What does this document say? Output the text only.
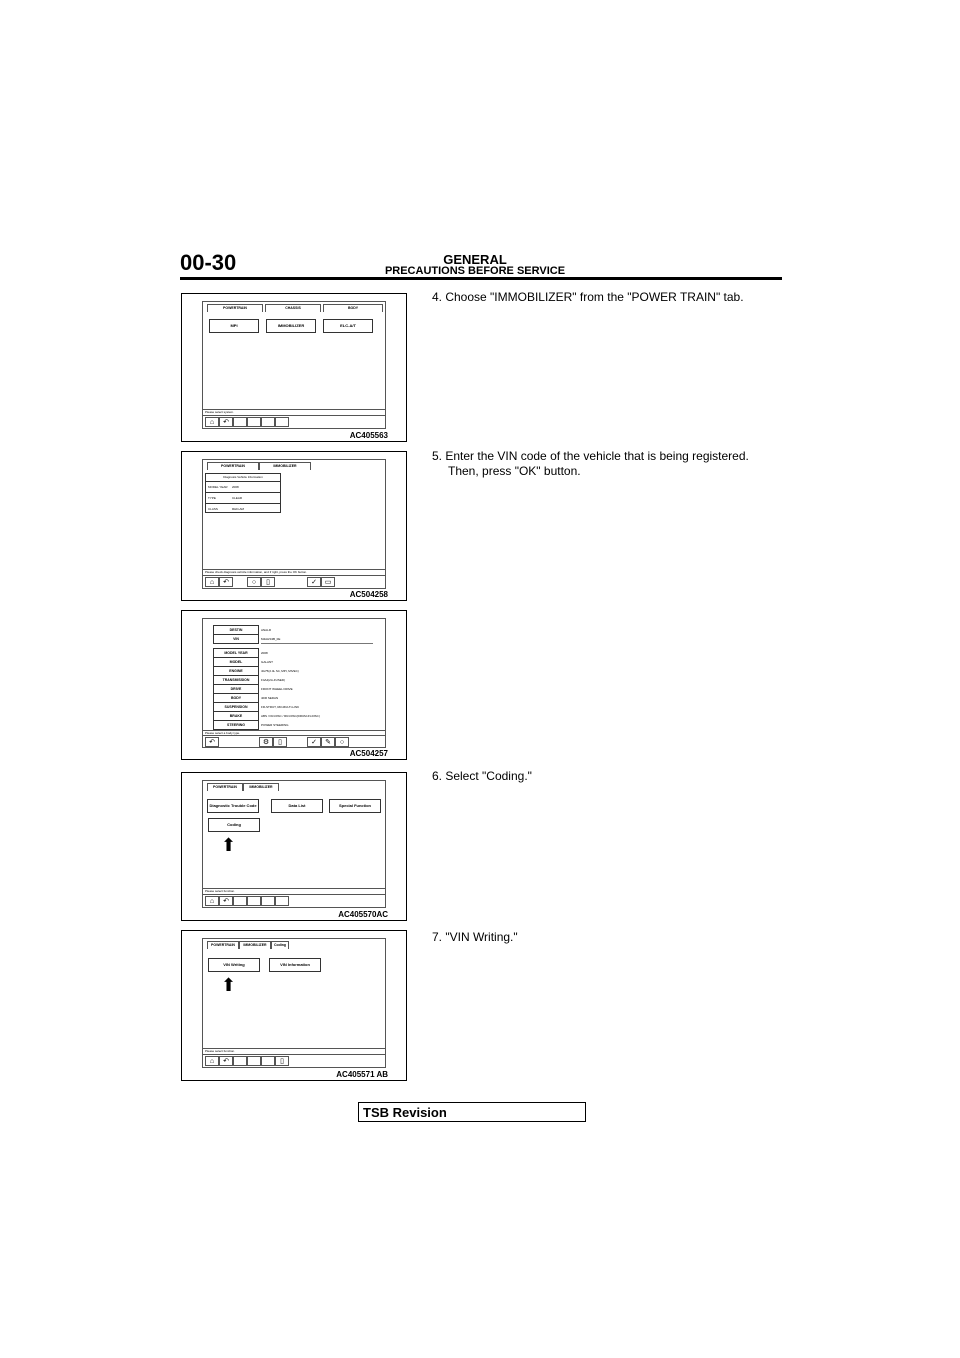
00-30	GENERAL
PRECAUTIONS BEFORE SERVICE
POWERTRAIN	CHASSIS	BODY
MPI	IMMOBILIZER	ELC-A/T
Please select system.
⌂	↶
AC405563
POWERTRAIN	IMMOBILIZER
Diagnosis Vehicle Information
MODEL YEAR 2008
TYPE	CLEAR
CLASS	RHD-AM
Please check diagnosis vehicle information, and if right, press the OK button.
⌂	↶	○	▯	✓	▭
AC504258
DESTIN	ANALR
VIN	M4AHS3B_0E
MODEL YEAR	2008
MODEL	GALANT
ENGINE	4G75(2.4L S4, MPI, MIVEC)
TRANSMISSION	F4A4(2A-FUSED)
DRIVE	FRONT WHEEL DRIVE
BODY	4DR SEDAN
SUSPENSION	FR-STRUT, RR-MULTI-LINK
BRAKE	ABS / FR-DISC / RR-DISC(DRUM-IN-DISC)
STEERING	POWER STEERING
Please select a body type.
↶	⚙	▯	✓	✎	○
AC504257
POWERTRAIN	IMMOBILIZER
Diagnostic Trouble Code	Data List	Special Function
Coding
⬆
Please select function.
⌂	↶
AC405570AC
POWERTRAIN	IMMOBILIZER	Coding
VIN Writing	VIN Information
⬆
Please select function.
⌂	↶	▯
AC405571 AB
4. Choose "IMMOBILIZER" from the "POWER TRAIN" tab.
5. Enter the VIN code of the vehicle that is being registered.
Then, press "OK" button.
6. Select "Coding."
7. "VIN Writing."
TSB Revision
